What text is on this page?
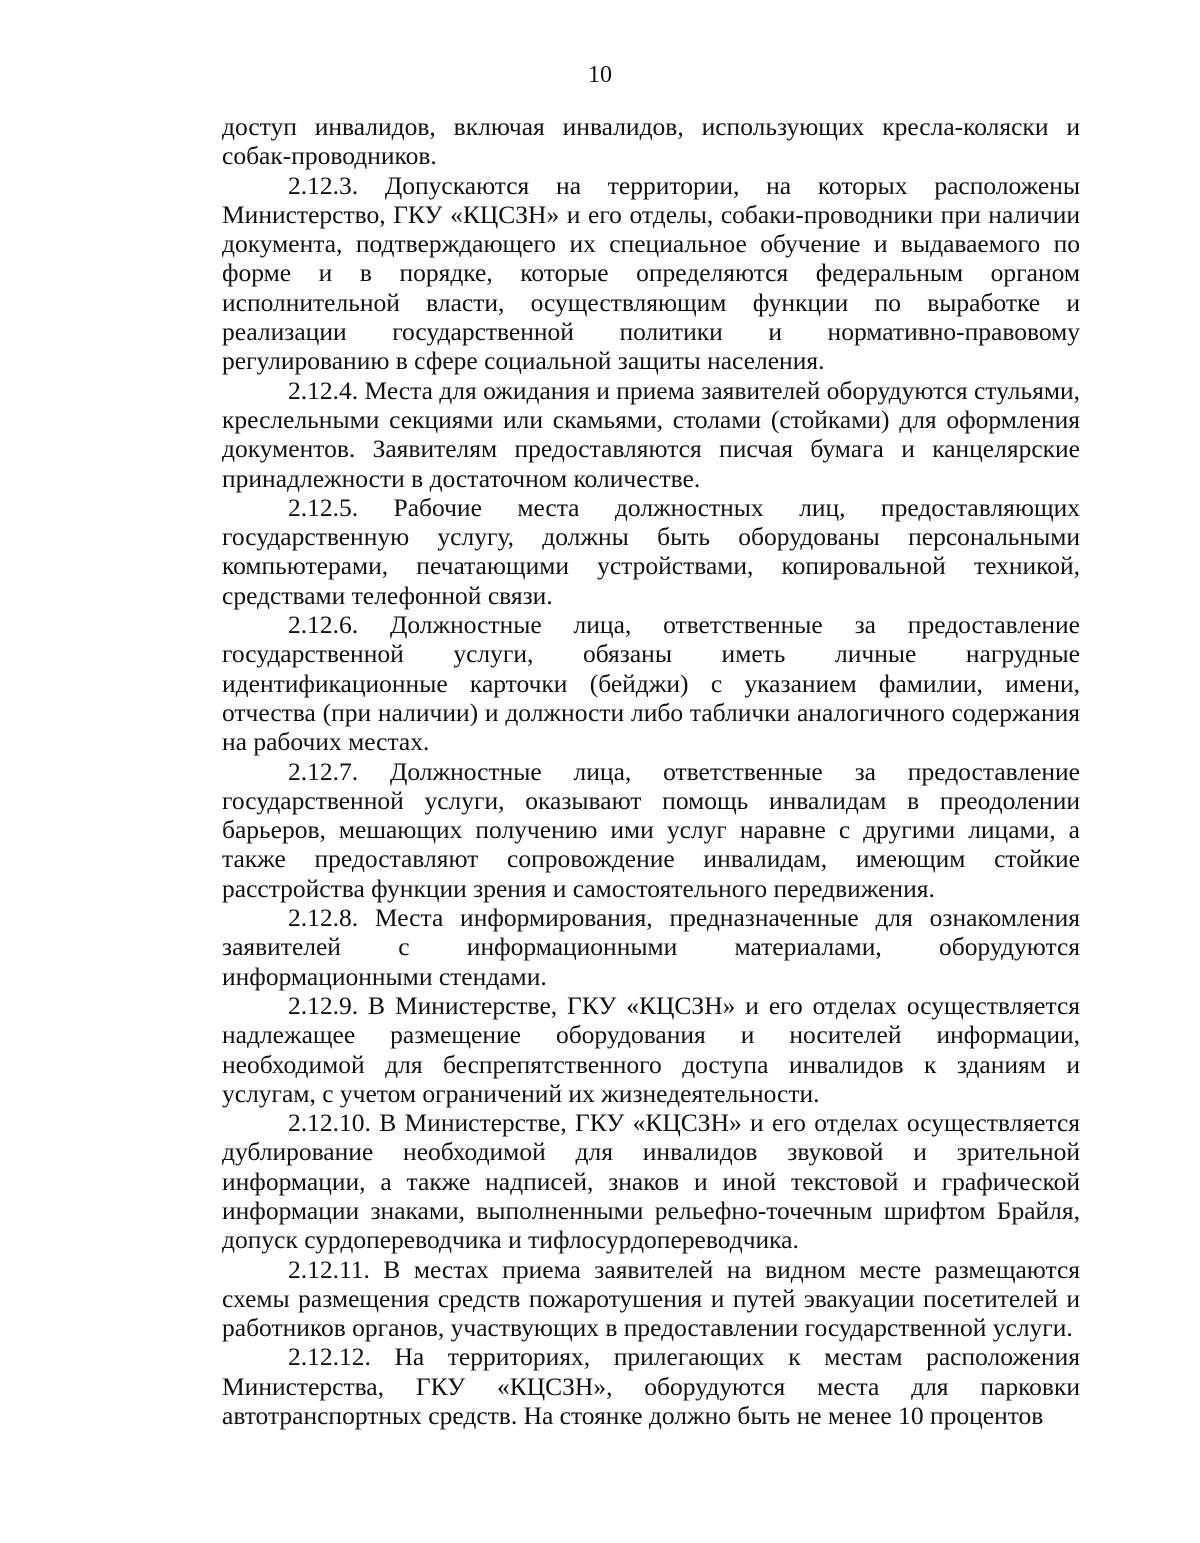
10

доступ инвалидов, включая инвалидов, использующих кресла-коляски и собак-проводников.

2.12.3. Допускаются на территории, на которых расположены Министерство, ГКУ «КЦСЗН» и его отделы, собаки-проводники при наличии документа, подтверждающего их специальное обучение и выдаваемого по форме и в порядке, которые определяются федеральным органом исполнительной власти, осуществляющим функции по выработке и реализации государственной политики и нормативно-правовому регулированию в сфере социальной защиты населения.

2.12.4. Места для ожидания и приема заявителей оборудуются стульями, креслельными секциями или скамьями, столами (стойками) для оформления документов. Заявителям предоставляются писчая бумага и канцелярские принадлежности в достаточном количестве.

2.12.5. Рабочие места должностных лиц, предоставляющих государственную услугу, должны быть оборудованы персональными компьютерами, печатающими устройствами, копировальной техникой, средствами телефонной связи.

2.12.6. Должностные лица, ответственные за предоставление государственной услуги, обязаны иметь личные нагрудные идентификационные карточки (бейджи) с указанием фамилии, имени, отчества (при наличии) и должности либо таблички аналогичного содержания на рабочих местах.

2.12.7. Должностные лица, ответственные за предоставление государственной услуги, оказывают помощь инвалидам в преодолении барьеров, мешающих получению ими услуг наравне с другими лицами, а также предоставляют сопровождение инвалидам, имеющим стойкие расстройства функции зрения и самостоятельного передвижения.

2.12.8. Места информирования, предназначенные для ознакомления заявителей с информационными материалами, оборудуются информационными стендами.

2.12.9. В Министерстве, ГКУ «КЦСЗН» и его отделах осуществляется надлежащее размещение оборудования и носителей информации, необходимой для беспрепятственного доступа инвалидов к зданиям и услугам, с учетом ограничений их жизнедеятельности.

2.12.10. В Министерстве, ГКУ «КЦСЗН» и его отделах осуществляется дублирование необходимой для инвалидов звуковой и зрительной информации, а также надписей, знаков и иной текстовой и графической информации знаками, выполненными рельефно-точечным шрифтом Брайля, допуск сурдопереводчика и тифлосурдопереводчика.

2.12.11. В местах приема заявителей на видном месте размещаются схемы размещения средств пожаротушения и путей эвакуации посетителей и работников органов, участвующих в предоставлении государственной услуги.

2.12.12. На территориях, прилегающих к местам расположения Министерства, ГКУ «КЦСЗН», оборудуются места для парковки автотранспортных средств. На стоянке должно быть не менее 10 процентов
